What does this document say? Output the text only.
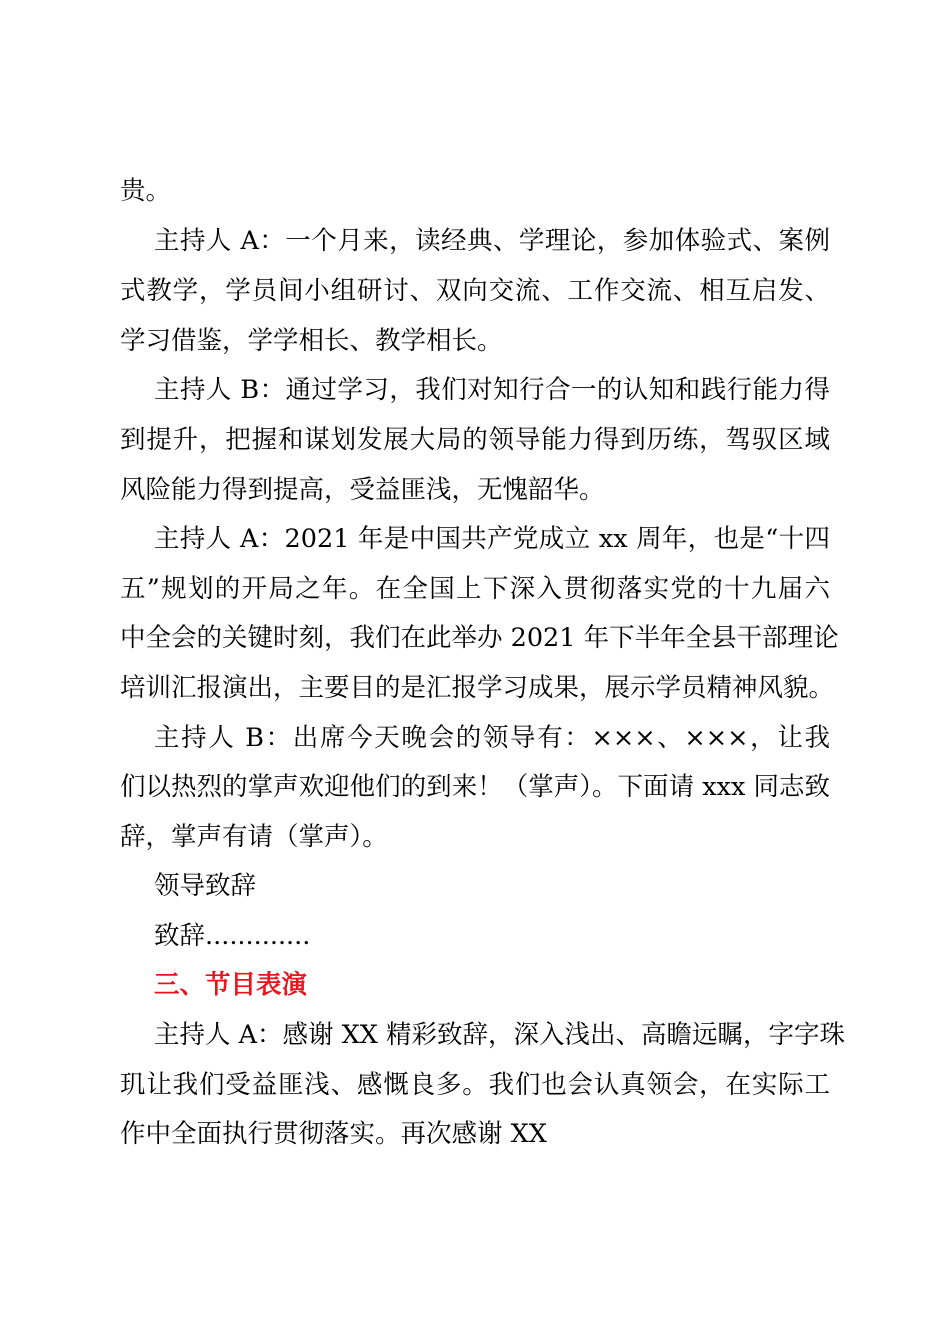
贵。
主持人 A：一个月来，读经典、学理论，参加体验式、案例
式教学，学员间小组研讨、双向交流、工作交流、相互启发、
学习借鉴，学学相长、教学相长。
主持人 B：通过学习，我们对知行合一的认知和践行能力得
到提升，把握和谋划发展大局的领导能力得到历练，驾驭区域
风险能力得到提高，受益匪浅，无愧韶华。
主持人 A：2021 年是中国共产党成立 xx 周年，也是“十四
五”规划的开局之年。在全国上下深入贯彻落实党的十九届六
中全会的关键时刻，我们在此举办 2021 年下半年全县干部理论
培训汇报演出，主要目的是汇报学习成果，展示学员精神风貌。
主持人 B：出席今天晚会的领导有：×××、×××，让我
们以热烈的掌声欢迎他们的到来！（掌声）。下面请 xxx 同志致
辞，掌声有请（掌声）。
领导致辞
致辞.............
三、节目表演
主持人 A：感谢 XX 精彩致辞，深入浅出、高瞻远瞩，字字珠
玑让我们受益匪浅、感慨良多。我们也会认真领会，在实际工
作中全面执行贯彻落实。再次感谢 XX
